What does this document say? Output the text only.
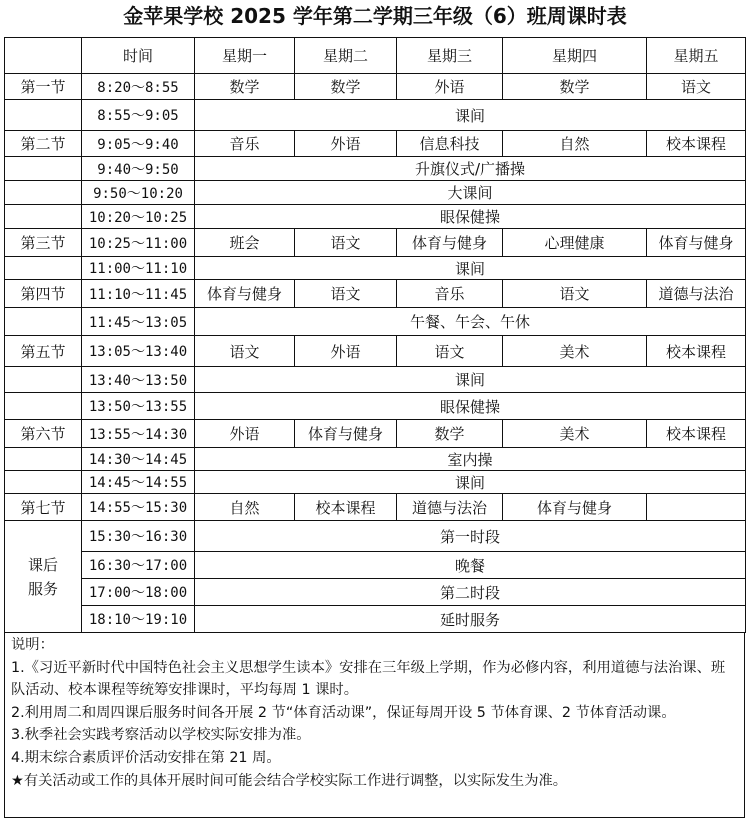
金苹果学校 2025 学年第二学期三年级（6）班周课时表
	时间	星期一	星期二	星期三	星期四	星期五
第一节	8:20～8:55	数学	数学	外语	数学	语文
	8:55～9:05	课间				
第二节	9:05～9:40	音乐	外语	信息科技	自然	校本课程
	9:40～9:50	升旗仪式/广播操				
	9:50～10:20	大课间				
	10:20～10:25	眼保健操				
第三节	10:25～11:00	班会	语文	体育与健身	心理健康	体育与健身
	11:00～11:10	课间				
第四节	11:10～11:45	体育与健身	语文	音乐	语文	道德与法治
	11:45～13:05	午餐、午会、午休				
第五节	13:05～13:40	语文	外语	语文	美术	校本课程
	13:40～13:50	课间				
	13:50～13:55	眼保健操				
第六节	13:55～14:30	外语	体育与健身	数学	美术	校本课程
	14:30～14:45	室内操				
	14:45～14:55	课间				
第七节	14:55～15:30	自然	校本课程	道德与法治	体育与健身	

课后
服务	15:30～16:30	第一时段				
	16:30～17:00	晚餐				
	17:00～18:00	第二时段				
	18:10～19:10	延时服务				

说明：

1.《习近平新时代中国特色社会主义思想学生读本》安排在三年级上学期，作为必修内容，利用道德与法治课、班队活动、校本课程等统筹安排课时，平均每周 1 课时。

2.利用周二和周四课后服务时间各开展 2 节“体育活动课”，保证每周开设 5 节体育课、2 节体育活动课。

3.秋季社会实践考察活动以学校实际安排为准。

4.期末综合素质评价活动安排在第 21 周。

★有关活动或工作的具体开展时间可能会结合学校实际工作进行调整，以实际发生为准。
